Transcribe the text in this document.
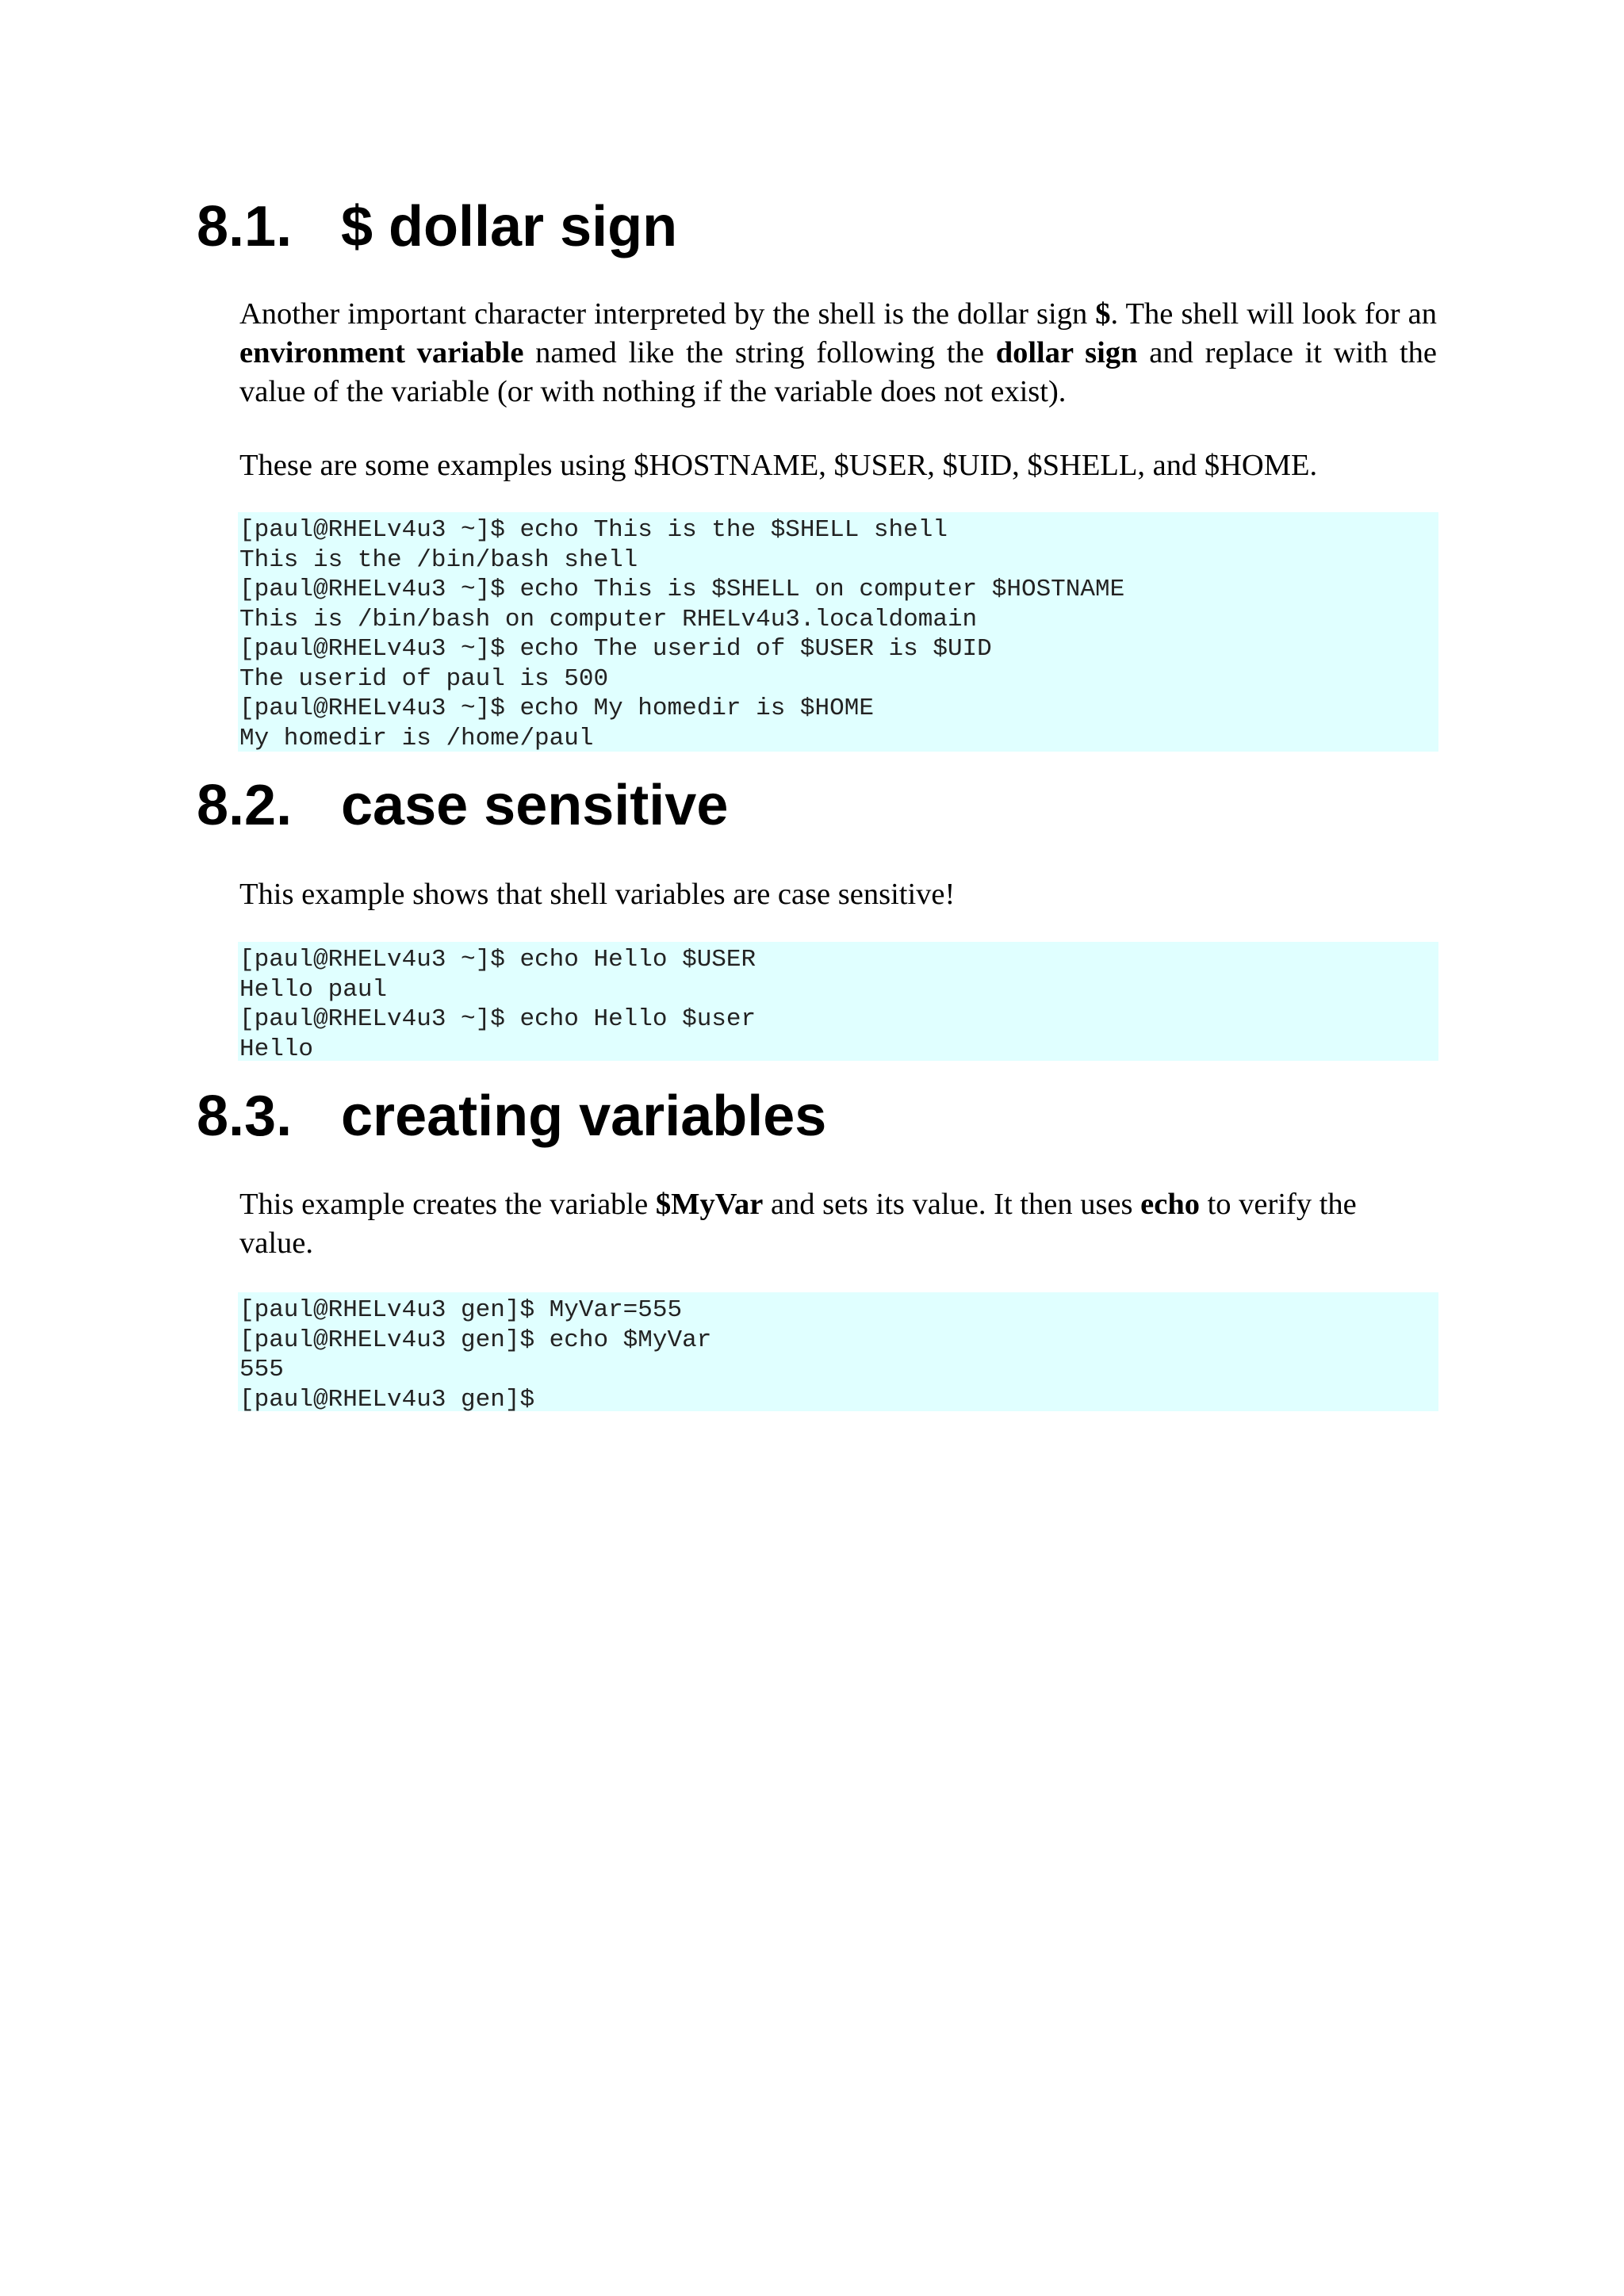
8.1. $ dollar sign

Another important character interpreted by the shell is the dollar sign $. The shell will look for an environment variable named like the string following the dollar sign and replace it with the value of the variable (or with nothing if the variable does not exist).

These are some examples using $HOSTNAME, $USER, $UID, $SHELL, and $HOME.

[paul@RHELv4u3 ~]$ echo This is the $SHELL shell
This is the /bin/bash shell
[paul@RHELv4u3 ~]$ echo This is $SHELL on computer $HOSTNAME
This is /bin/bash on computer RHELv4u3.localdomain
[paul@RHELv4u3 ~]$ echo The userid of $USER is $UID
The userid of paul is 500
[paul@RHELv4u3 ~]$ echo My homedir is $HOME
My homedir is /home/paul
8.2. case sensitive

This example shows that shell variables are case sensitive!

[paul@RHELv4u3 ~]$ echo Hello $USER
Hello paul
[paul@RHELv4u3 ~]$ echo Hello $user
Hello
8.3. creating variables

This example creates the variable $MyVar and sets its value. It then uses echo to verify the value.

[paul@RHELv4u3 gen]$ MyVar=555
[paul@RHELv4u3 gen]$ echo $MyVar
555
[paul@RHELv4u3 gen]$
